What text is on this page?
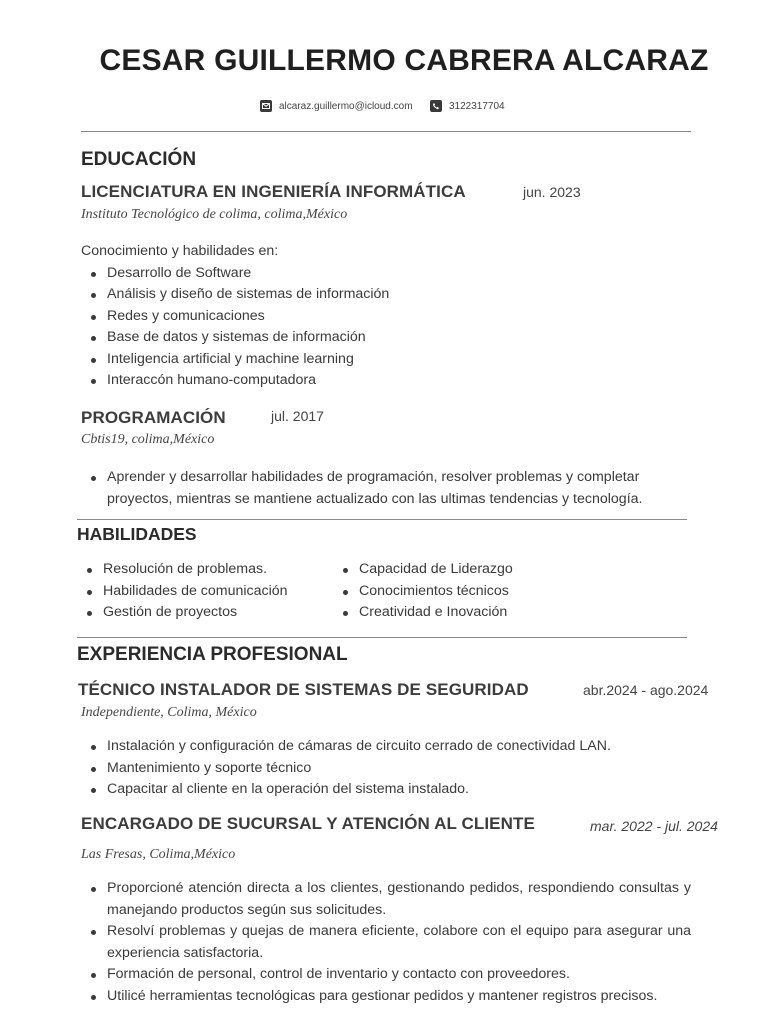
CESAR GUILLERMO CABRERA ALCARAZ
alcaraz.guillermo@icloud.com	3122317704
EDUCACIÓN
LICENCIATURA EN INGENIERÍA INFORMÁTICA	jun. 2023
Instituto Tecnológico de colima, colima,México

Conocimiento y habilidades en:

Desarrollo de Software
Análisis y diseño de sistemas de información
Redes y comunicaciones
Base de datos y sistemas de información
Inteligencia artificial y machine learning
Interaccón humano-computadora
PROGRAMACIÓN	jul. 2017
Cbtis19, colima,México
Aprender y desarrollar habilidades de programación, resolver problemas y completar proyectos, mientras se mantiene actualizado con las ultimas tendencias y tecnología.
HABILIDADES
Resolución de problemas.
Habilidades de comunicación
Gestión de proyectos
Capacidad de Liderazgo
Conocimientos técnicos
Creatividad e Inovación
EXPERIENCIA PROFESIONAL
TÉCNICO INSTALADOR DE SISTEMAS DE SEGURIDAD	abr.2024 - ago.2024
Independiente, Colima, México
Instalación y configuración de cámaras de circuito cerrado de conectividad LAN.
Mantenimiento y soporte técnico
Capacitar al cliente en la operación del sistema instalado.
ENCARGADO DE SUCURSAL Y ATENCIÓN AL CLIENTE	mar. 2022 - jul. 2024
Las Fresas, Colima,México
Proporcioné atención directa a los clientes, gestionando pedidos, respondiendo consultas y manejando productos según sus solicitudes.
Resolví problemas y quejas de manera eficiente, colabore con el equipo para asegurar una experiencia satisfactoria.
Formación de personal, control de inventario y contacto con proveedores.
Utilicé herramientas tecnológicas para gestionar pedidos y mantener registros precisos.
